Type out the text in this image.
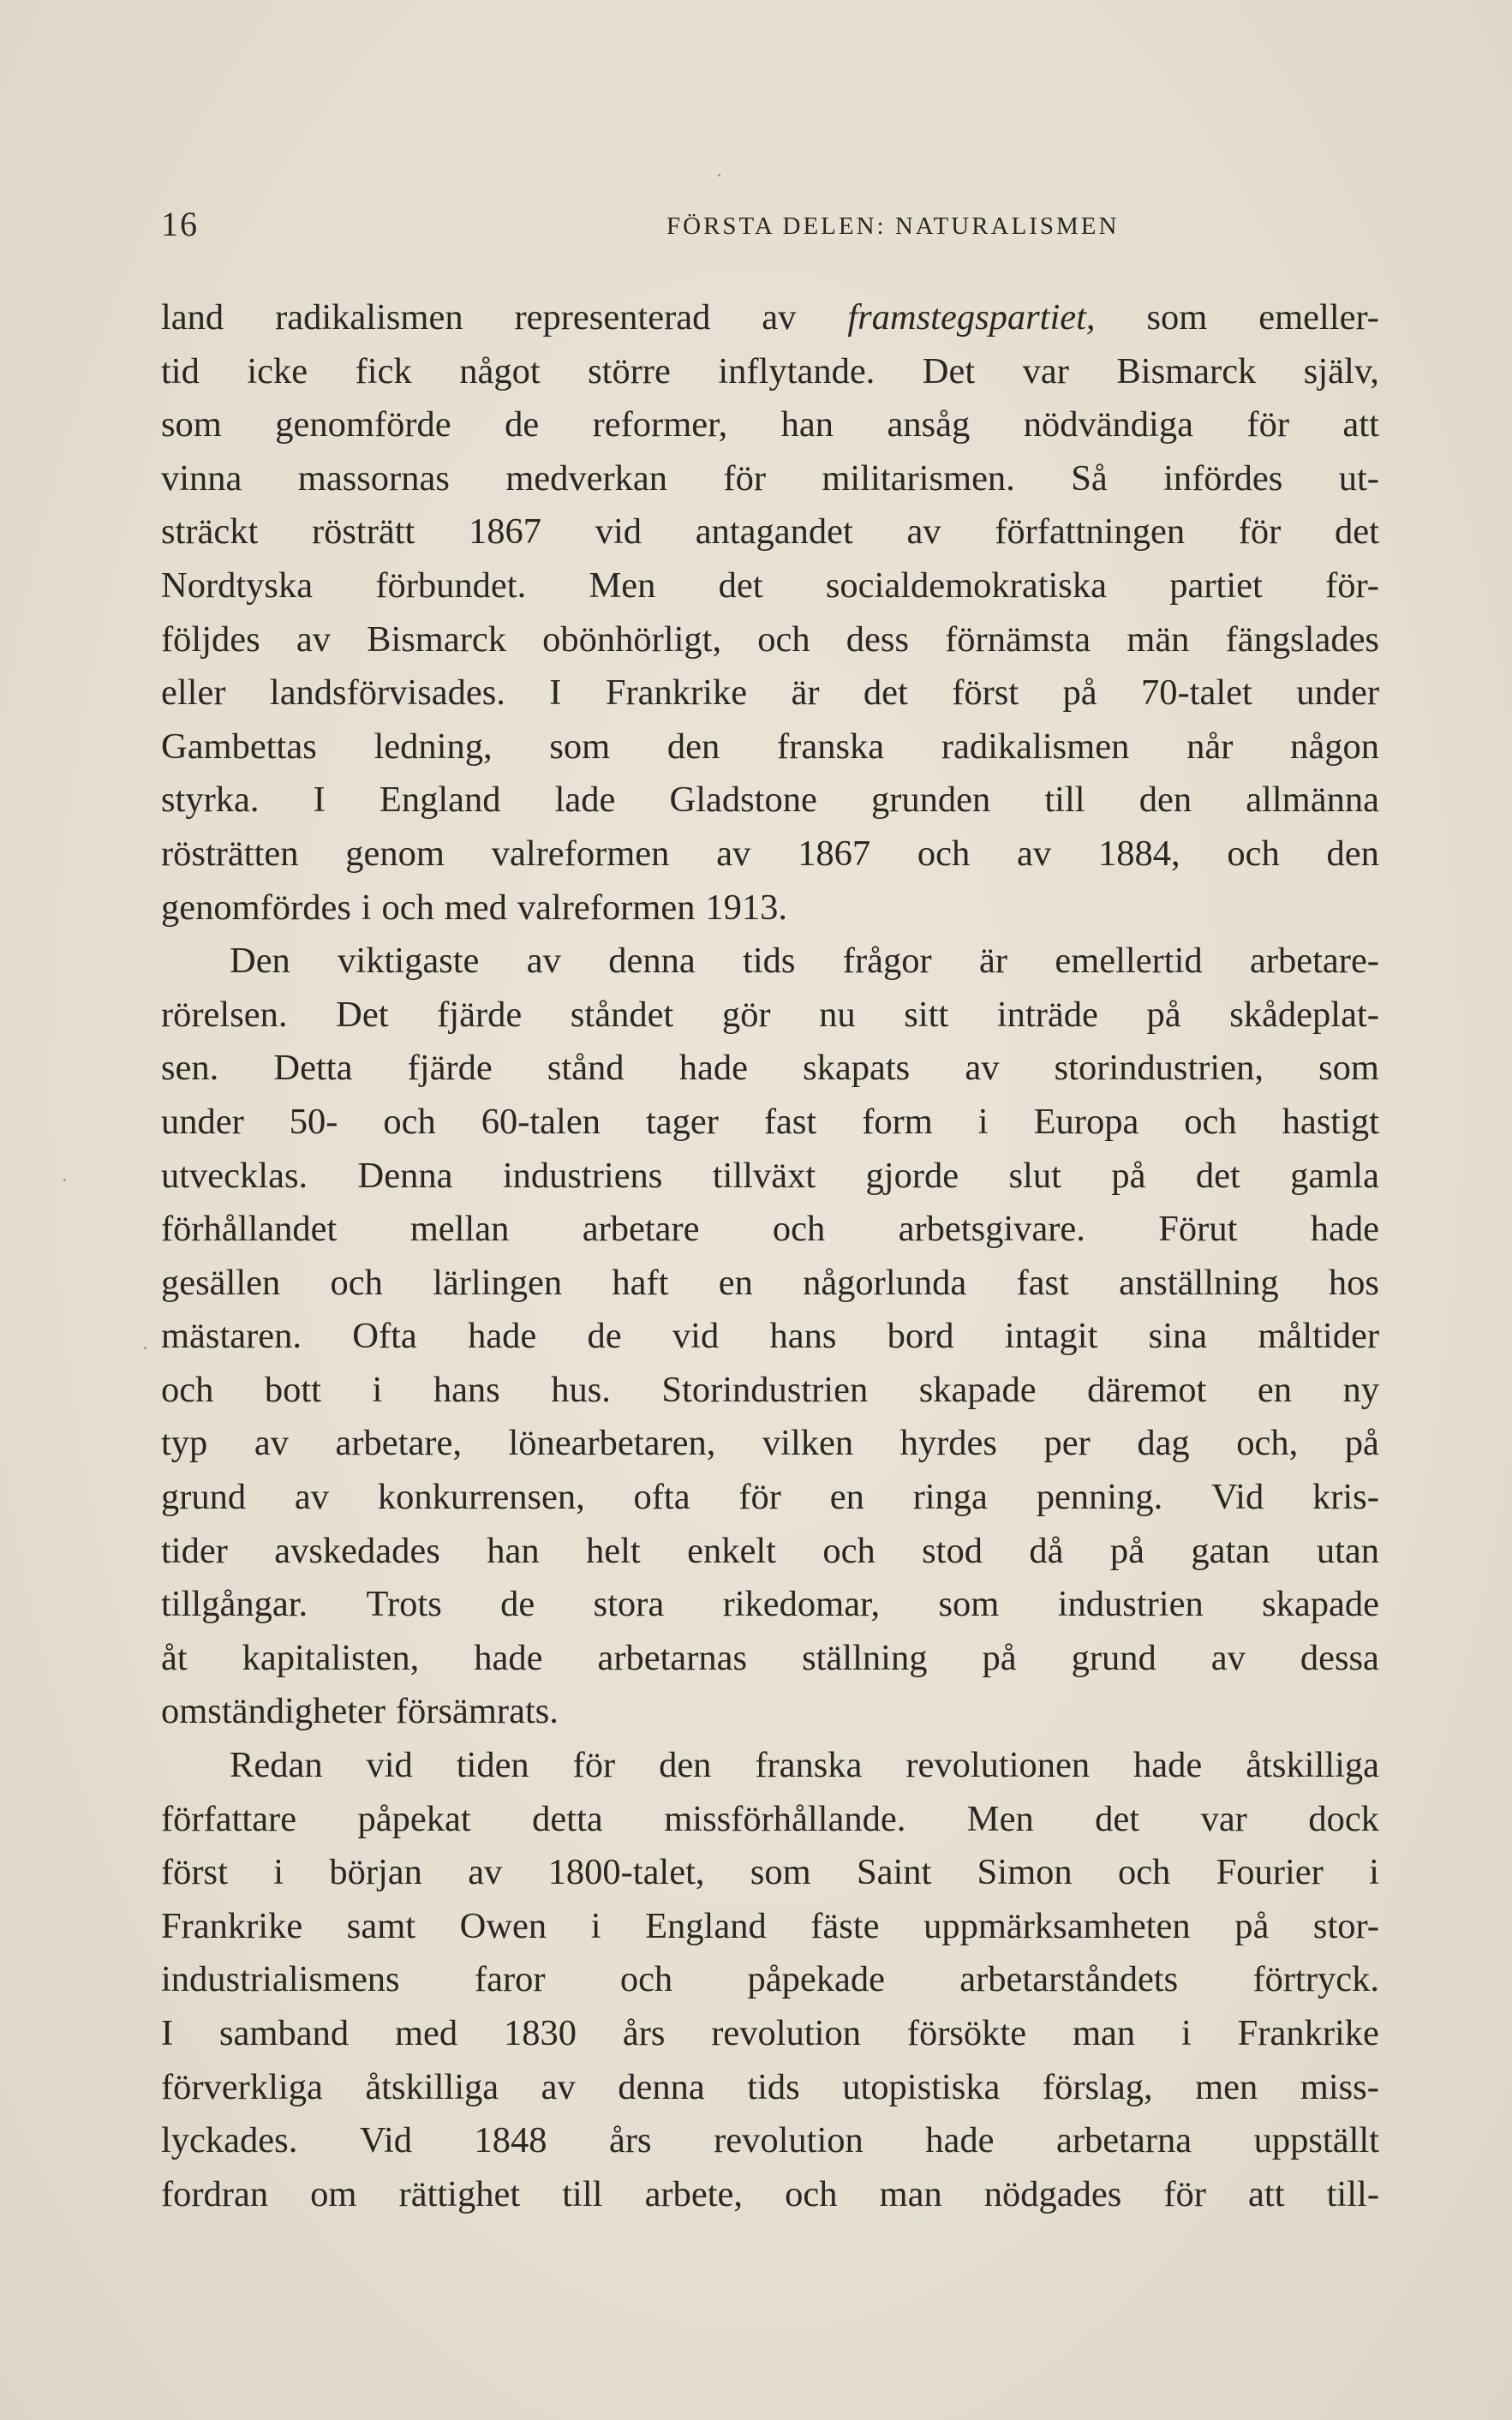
16	FÖRSTA DELEN: NATURALISMEN
land radikalismen representerad av framstegspartiet, som emeller-
tid icke fick något större inflytande. Det var Bismarck själv,
som genomförde de reformer, han ansåg nödvändiga för att
vinna massornas medverkan för militarismen. Så infördes ut-
sträckt rösträtt 1867 vid antagandet av författningen för det
Nordtyska förbundet. Men det socialdemokratiska partiet för-
följdes av Bismarck obönhörligt, och dess förnämsta män fängslades
eller landsförvisades. I Frankrike är det först på 70-talet under
Gambettas ledning, som den franska radikalismen når någon
styrka. I England lade Gladstone grunden till den allmänna
rösträtten genom valreformen av 1867 och av 1884, och den
genomfördes i och med valreformen 1913.
Den viktigaste av denna tids frågor är emellertid arbetare-
rörelsen. Det fjärde ståndet gör nu sitt inträde på skådeplat-
sen. Detta fjärde stånd hade skapats av storindustrien, som
under 50- och 60-talen tager fast form i Europa och hastigt
utvecklas. Denna industriens tillväxt gjorde slut på det gamla
förhållandet mellan arbetare och arbetsgivare. Förut hade
gesällen och lärlingen haft en någorlunda fast anställning hos
mästaren. Ofta hade de vid hans bord intagit sina måltider
och bott i hans hus. Storindustrien skapade däremot en ny
typ av arbetare, lönearbetaren, vilken hyrdes per dag och, på
grund av konkurrensen, ofta för en ringa penning. Vid kris-
tider avskedades han helt enkelt och stod då på gatan utan
tillgångar. Trots de stora rikedomar, som industrien skapade
åt kapitalisten, hade arbetarnas ställning på grund av dessa
omständigheter försämrats.
Redan vid tiden för den franska revolutionen hade åtskilliga
författare påpekat detta missförhållande. Men det var dock
först i början av 1800-talet, som Saint Simon och Fourier i
Frankrike samt Owen i England fäste uppmärksamheten på stor-
industrialismens faror och påpekade arbetarståndets förtryck.
I samband med 1830 års revolution försökte man i Frankrike
förverkliga åtskilliga av denna tids utopistiska förslag, men miss-
lyckades. Vid 1848 års revolution hade arbetarna uppställt
fordran om rättighet till arbete, och man nödgades för att till-
